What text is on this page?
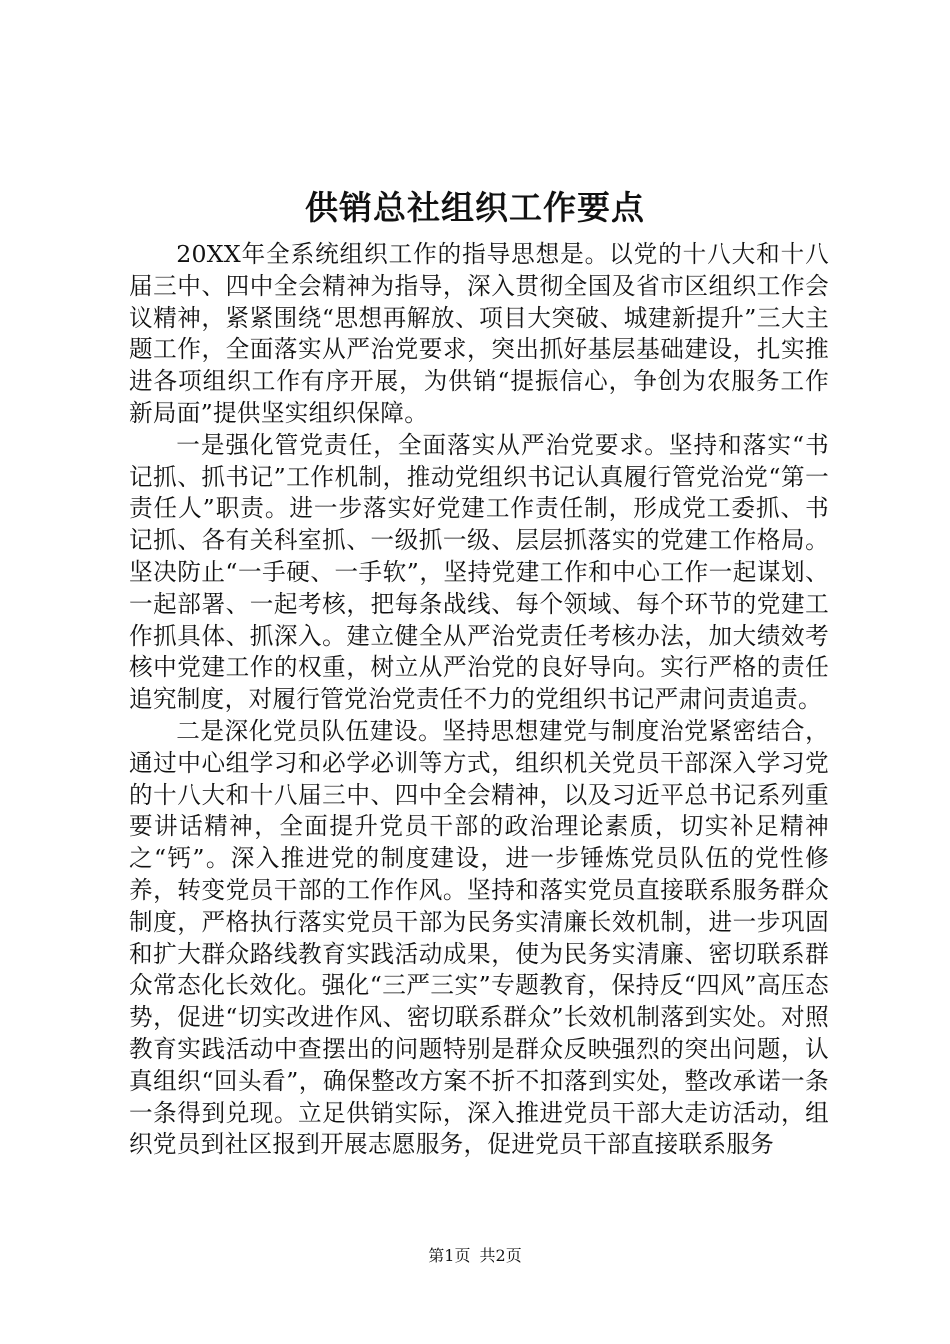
供销总社组织工作要点

20XX年全系统组织工作的指导思想是。以党的十八大和十八届三中、四中全会精神为指导，深入贯彻全国及省市区组织工作会议精神，紧紧围绕“思想再解放、项目大突破、城建新提升”三大主题工作，全面落实从严治党要求，突出抓好基层基础建设，扎实推进各项组织工作有序开展，为供销“提振信心，争创为农服务工作新局面”提供坚实组织保障。

一是强化管党责任，全面落实从严治党要求。坚持和落实“书记抓、抓书记”工作机制，推动党组织书记认真履行管党治党“第一责任人”职责。进一步落实好党建工作责任制，形成党工委抓、书记抓、各有关科室抓、一级抓一级、层层抓落实的党建工作格局。坚决防止“一手硬、一手软”，坚持党建工作和中心工作一起谋划、一起部署、一起考核，把每条战线、每个领域、每个环节的党建工作抓具体、抓深入。建立健全从严治党责任考核办法，加大绩效考核中党建工作的权重，树立从严治党的良好导向。实行严格的责任追究制度，对履行管党治党责任不力的党组织书记严肃问责追责。

二是深化党员队伍建设。坚持思想建党与制度治党紧密结合，通过中心组学习和必学必训等方式，组织机关党员干部深入学习党的十八大和十八届三中、四中全会精神，以及习近平总书记系列重要讲话精神，全面提升党员干部的政治理论素质，切实补足精神之“钙”。深入推进党的制度建设，进一步锤炼党员队伍的党性修养，转变党员干部的工作作风。坚持和落实党员直接联系服务群众制度，严格执行落实党员干部为民务实清廉长效机制，进一步巩固和扩大群众路线教育实践活动成果，使为民务实清廉、密切联系群众常态化长效化。强化“三严三实”专题教育，保持反“四风”高压态势，促进“切实改进作风、密切联系群众”长效机制落到实处。对照教育实践活动中查摆出的问题特别是群众反映强烈的突出问题，认真组织“回头看”，确保整改方案不折不扣落到实处，整改承诺一条一条得到兑现。立足供销实际，深入推进党员干部大走访活动，组织党员到社区报到开展志愿服务，促进党员干部直接联系服务

第1页 共2页
